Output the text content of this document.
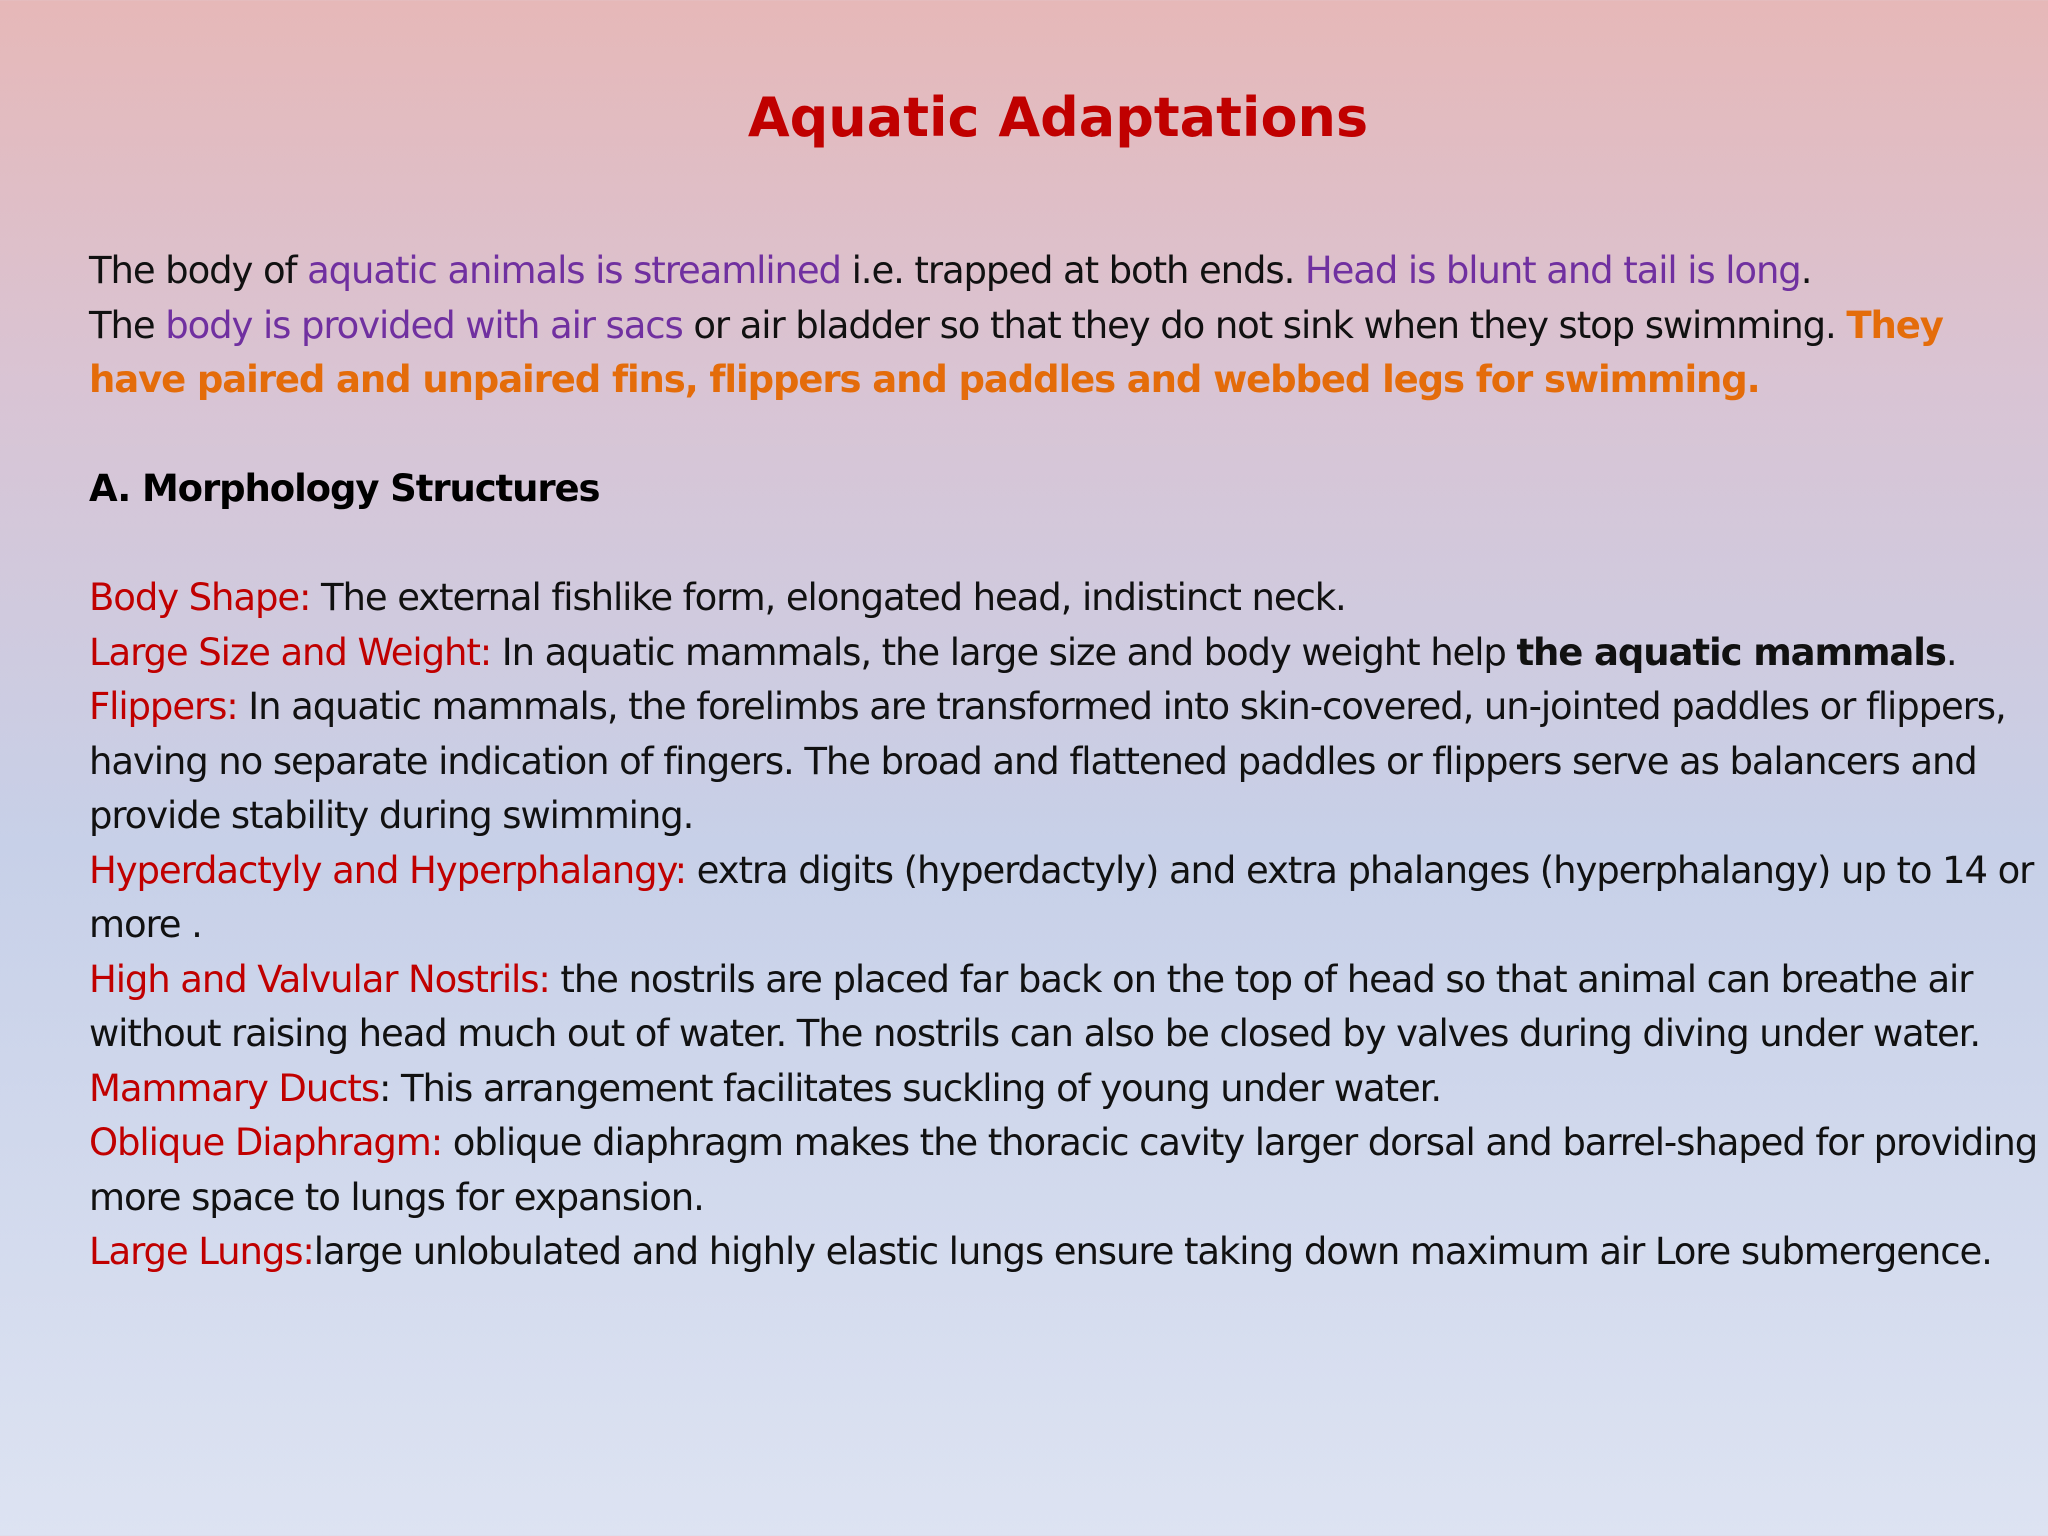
Aquatic Adaptations

The body of aquatic animals is streamlined i.e. trapped at both ends. Head is blunt and tail is long.

The body is provided with air sacs or air bladder so that they do not sink when they stop swimming. They have paired and unpaired fins, flippers and paddles and webbed legs for swimming.

A. Morphology Structures

Body Shape: The external fishlike form, elongated head, indistinct neck.

Large Size and Weight: In aquatic mammals, the large size and body weight help the aquatic mammals.

Flippers: In aquatic mammals, the forelimbs are transformed into skin-covered, un-jointed paddles or flippers, having no separate indication of fingers. The broad and flattened paddles or flippers serve as balancers and provide stability during swimming.

Hyperdactyly and Hyperphalangy: extra digits (hyperdactyly) and extra phalanges (hyperphalangy) up to 14 or more .

High and Valvular Nostrils: the nostrils are placed far back on the top of head so that animal can breathe air without raising head much out of water. The nostrils can also be closed by valves during diving under water.

Mammary Ducts: This arrangement facilitates suckling of young under water.

Oblique Diaphragm: oblique diaphragm makes the thoracic cavity larger dorsal and barrel-shaped for providing more space to lungs for expansion.

Large Lungs:large unlobulated and highly elastic lungs ensure taking down maximum air Lore submergence.
